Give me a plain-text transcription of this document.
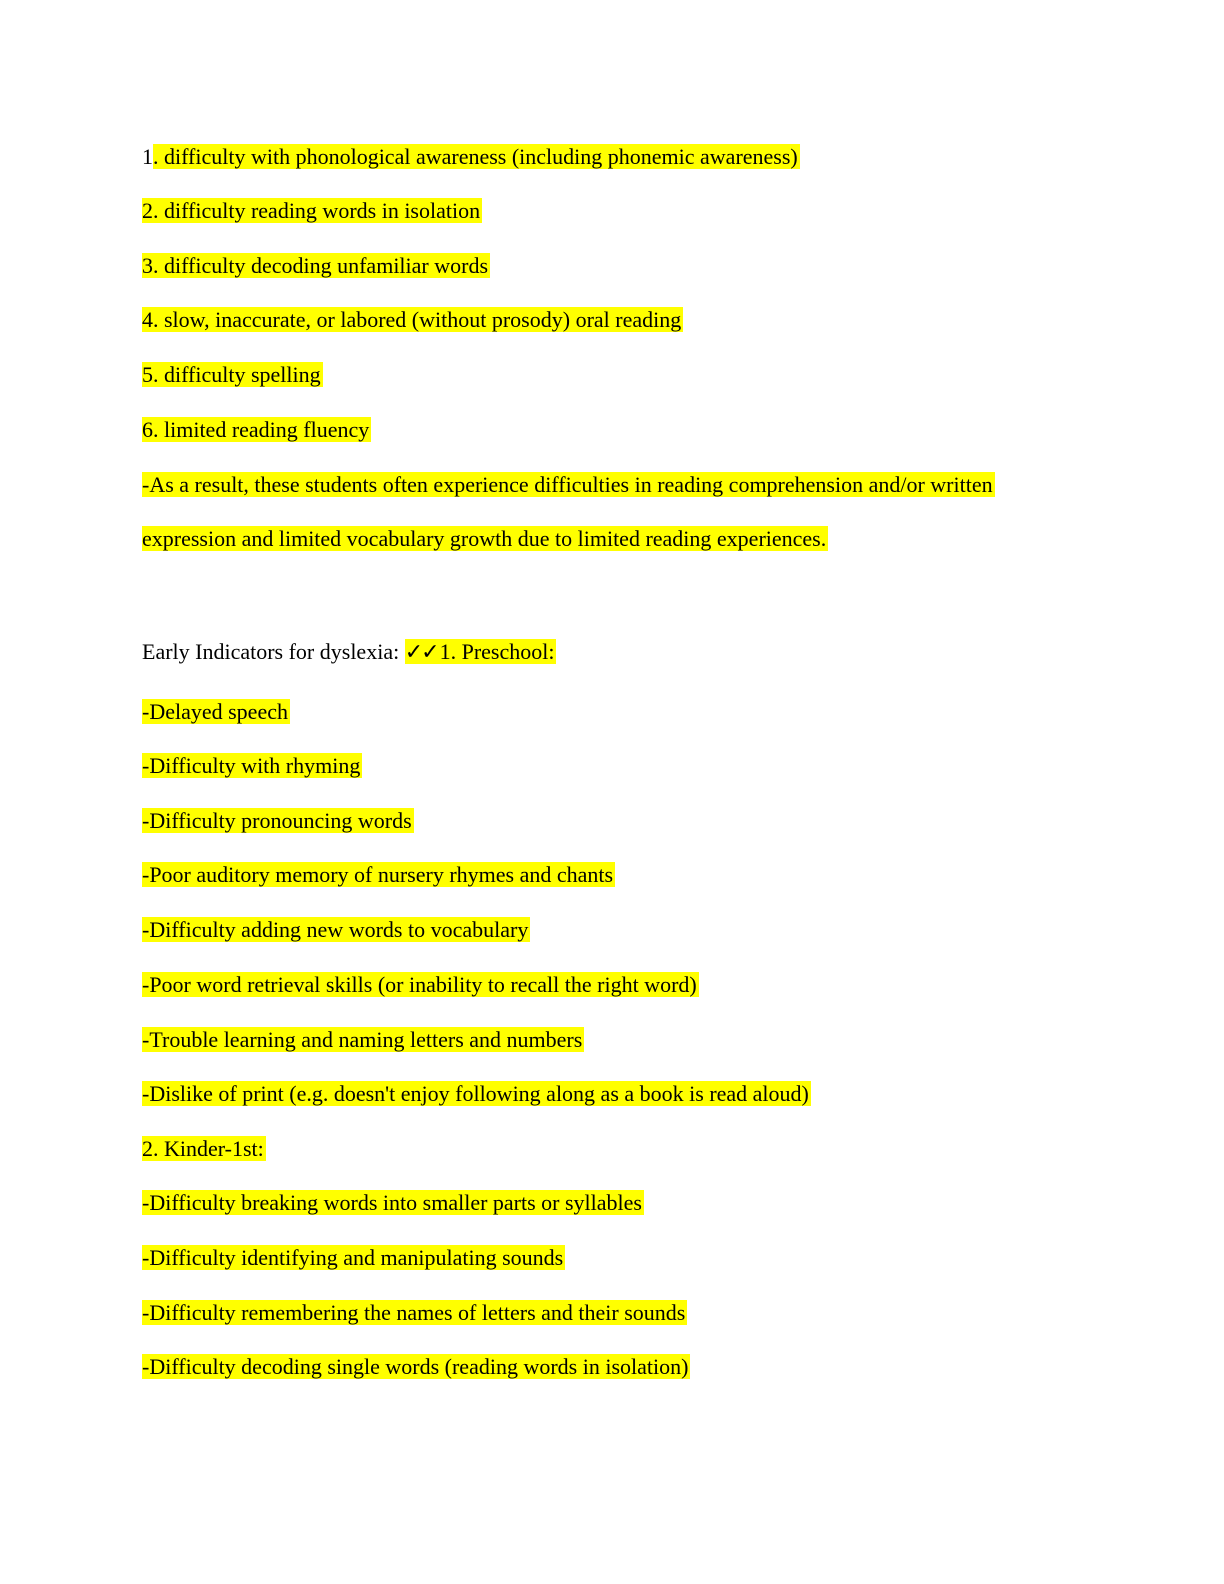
1. difficulty with phonological awareness (including phonemic awareness)
2. difficulty reading words in isolation
3. difficulty decoding unfamiliar words
4. slow, inaccurate, or labored (without prosody) oral reading
5. difficulty spelling
6. limited reading fluency
-As a result, these students often experience difficulties in reading comprehension and/or written
expression and limited vocabulary growth due to limited reading experiences.
Early Indicators for dyslexia: ✓✓1. Preschool:
-Delayed speech
-Difficulty with rhyming
-Difficulty pronouncing words
-Poor auditory memory of nursery rhymes and chants
-Difficulty adding new words to vocabulary
-Poor word retrieval skills (or inability to recall the right word)
-Trouble learning and naming letters and numbers
-Dislike of print (e.g. doesn't enjoy following along as a book is read aloud)
2. Kinder-1st:
-Difficulty breaking words into smaller parts or syllables
-Difficulty identifying and manipulating sounds
-Difficulty remembering the names of letters and their sounds
-Difficulty decoding single words (reading words in isolation)
